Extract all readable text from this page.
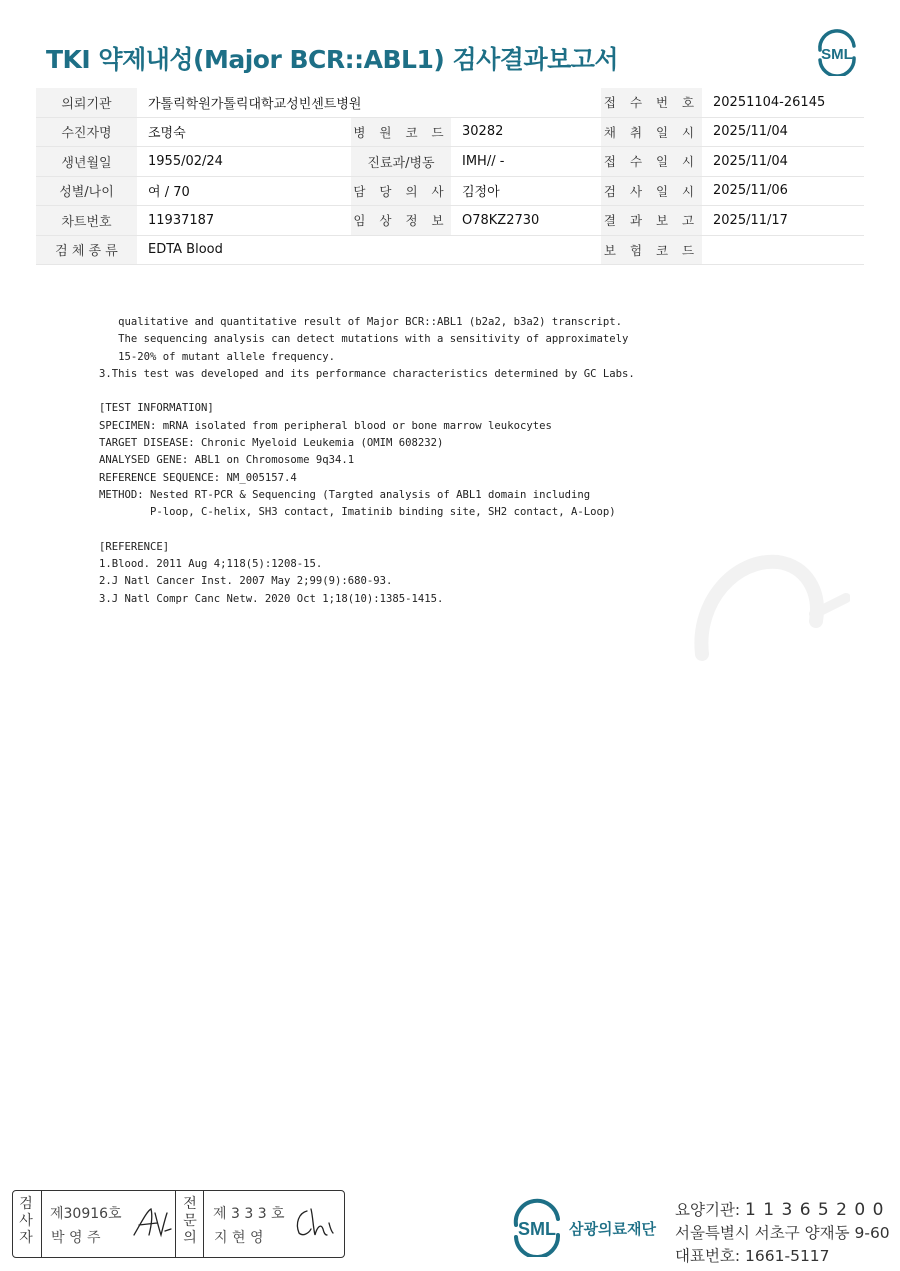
TKI 약제내성(Major BCR::ABL1) 검사결과보고서	SML
의뢰기관	가톨릭학원가톨릭대학교성빈센트병원			접 수 번 호	20251104-26145
수진자명	조명숙	병 원 코 드	30282	채 취 일 시	2025/11/04
생년월일	1955/02/24	진료과/병동	IMH// -	접 수 일 시	2025/11/04
성별/나이	여 / 70	담 당 의 사	김정아	검 사 일 시	2025/11/06
차트번호	11937187	임 상 정 보	O78KZ2730	결 과 보 고	2025/11/17
검 체 종 류	EDTA Blood			보 험 코 드	
qualitative and quantitative result of Major BCR::ABL1 (b2a2, b3a2) transcript.
The sequencing analysis can detect mutations with a sensitivity of approximately
15-20% of mutant allele frequency.
3.This test was developed and its performance characteristics determined by GC Labs.

[TEST INFORMATION]
SPECIMEN: mRNA isolated from peripheral blood or bone marrow leukocytes
TARGET DISEASE: Chronic Myeloid Leukemia (OMIM 608232)
ANALYSED GENE: ABL1 on Chromosome 9q34.1
REFERENCE SEQUENCE: NM_005157.4
METHOD: Nested RT-PCR & Sequencing (Targted analysis of ABL1 domain including
P-loop, C-helix, SH3 contact, Imatinib binding site, SH2 contact, A-Loop)

[REFERENCE]
1.Blood. 2011 Aug 4;118(5):1208-15.
2.J Natl Cancer Inst. 2007 May 2;99(9):680-93.
3.J Natl Compr Canc Netw. 2020 Oct 1;18(10):1385-1415.
검
사
자
제30916호
박 영 주
전
문
의
제 3 3 3 호
지 현 영	SML 삼광의료재단
요양기관: 1 1 3 6 5 2 0 0
서울특별시 서초구 양재동 9-60
대표번호: 1661-5117
